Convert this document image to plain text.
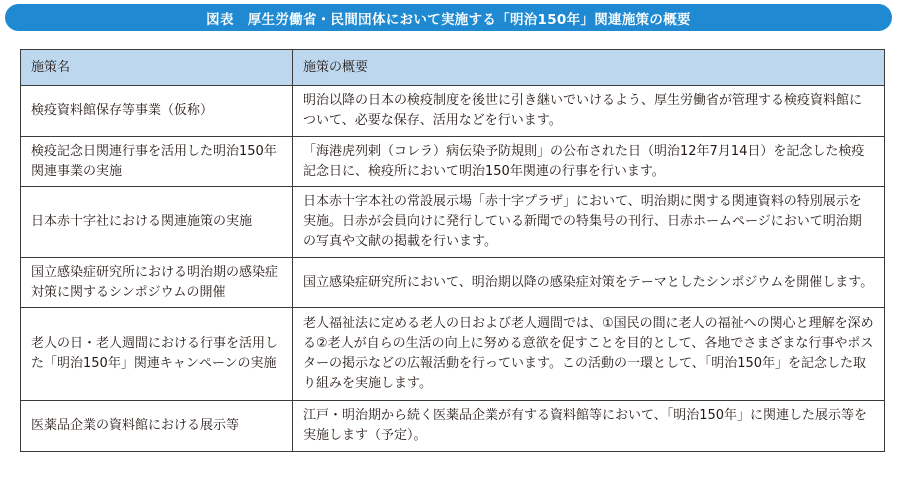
図表 厚生労働省・民間団体において実施する「明治150年」関連施策の概要
施策名	施策の概要
検疫資料館保存等事業（仮称）	明治以降の日本の検疫制度を後世に引き継いでいけるよう、厚生労働省が管理する検疫資料館について、必要な保存、活用などを行います。
検疫記念日関連行事を活用した明治150年関連事業の実施	「海港虎列剌（コレラ）病伝染予防規則」の公布された日（明治12年7月14日）を記念した検疫記念日に、検疫所において明治150年関連の行事を行います。
日本赤十字社における関連施策の実施	日本赤十字本社の常設展示場「赤十字プラザ」において、明治期に関する関連資料の特別展示を実施。日赤が会員向けに発行している新聞での特集号の刊行、日赤ホームページにおいて明治期の写真や文献の掲載を行います。
国立感染症研究所における明治期の感染症対策に関するシンポジウムの開催	国立感染症研究所において、明治期以降の感染症対策をテーマとしたシンポジウムを開催します。
老人の日・老人週間における行事を活用した「明治150年」関連キャンペーンの実施	老人福祉法に定める老人の日および老人週間では、①国民の間に老人の福祉への関心と理解を深める②老人が自らの生活の向上に努める意欲を促すことを目的として、各地でさまざまな行事やポスターの掲示などの広報活動を行っています。この活動の一環として、「明治150年」を記念した取り組みを実施します。
医薬品企業の資料館における展示等	江戸・明治期から続く医薬品企業が有する資料館等において、「明治150年」に関連した展示等を実施します（予定）。
